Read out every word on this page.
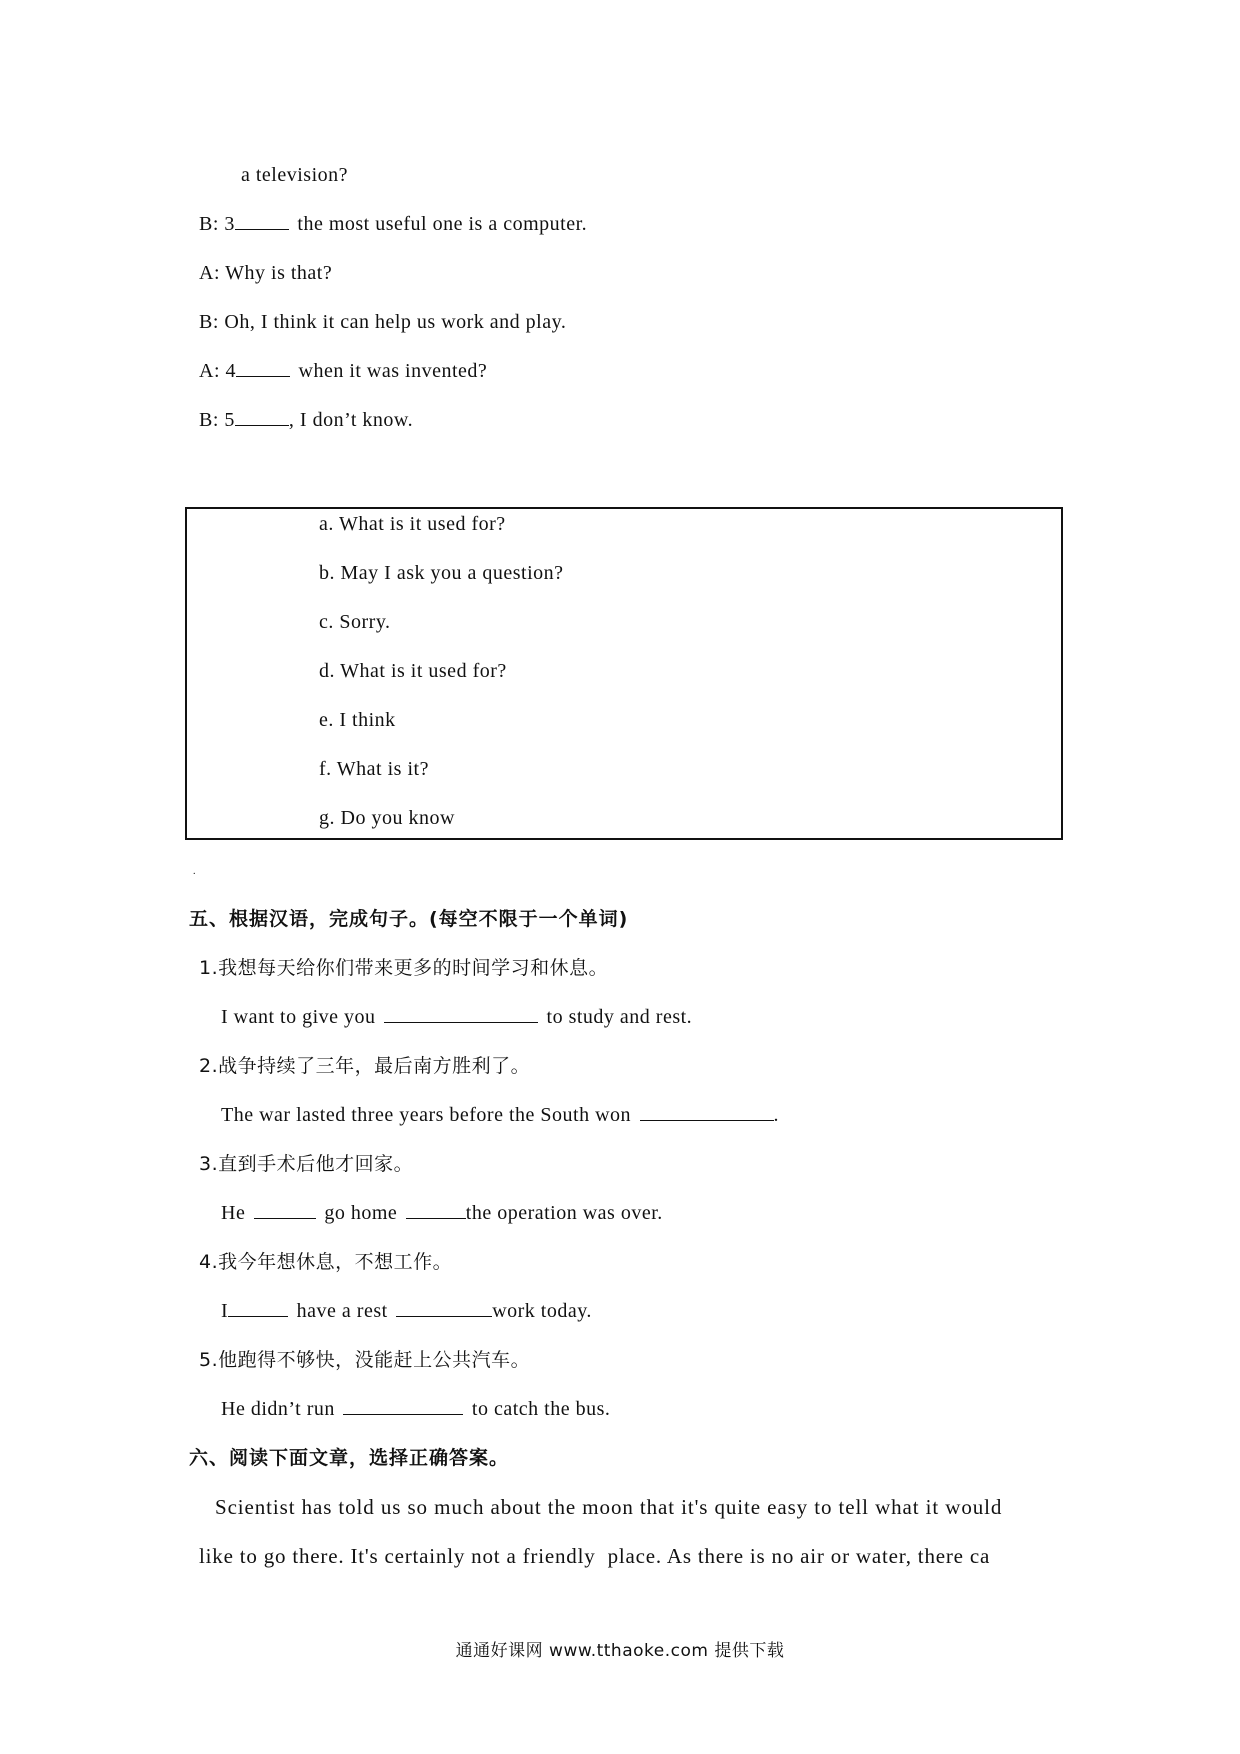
a television?
B: 3	the most useful one is a computer.
A: Why is that?
B: Oh, I think it can help us work and play.
A: 4	when it was invented?
B: 5	, I don’t know.
a. What is it used for?
b. May I ask you a question?
c. Sorry.
d. What is it used for?
e. I think
f. What is it?
g. Do you know
.
五、根据汉语，完成句子。(每空不限于一个单词)
1.我想每天给你们带来更多的时间学习和休息。
I want to give you	to study and rest.
2.战争持续了三年，最后南方胜利了。
The war lasted three years before the South won	.
3.直到手术后他才回家。
He	go home	the operation was over.
4.我今年想休息，不想工作。
I	have a rest	work today.
5.他跑得不够快，没能赶上公共汽车。
He didn’t run	to catch the bus.
六、阅读下面文章，选择正确答案。
Scientist has told us so much about the moon that it's quite easy to tell what it would
like to go there. It's certainly not a friendly  place. As there is no air or water, there ca
通通好课网 www.tthaoke.com 提供下载
